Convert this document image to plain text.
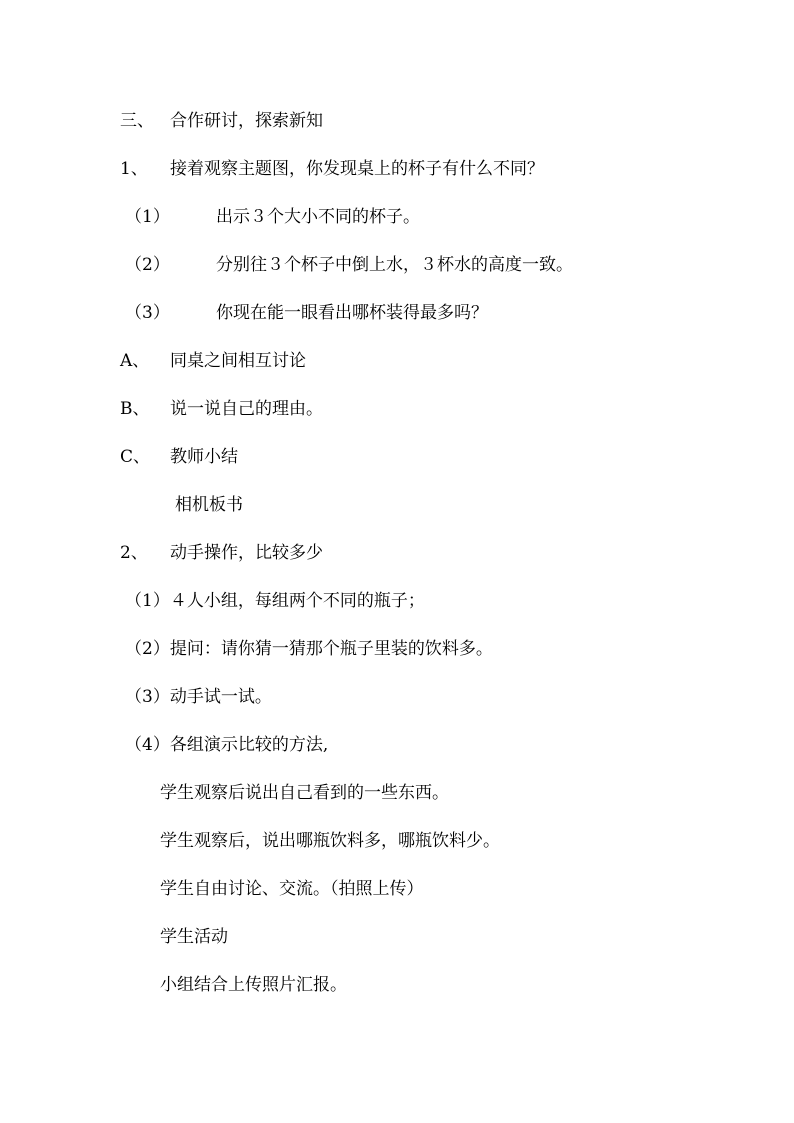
三、 合作研讨，探索新知
1、 接着观察主题图，你发现桌上的杯子有什么不同？
（1）	出示３个大小不同的杯子。
（2）	分别往３个杯子中倒上水，３杯水的高度一致。
（3）	你现在能一眼看出哪杯装得最多吗？
A、 同桌之间相互讨论
B、 说一说自己的理由。
C、 教师小结
相机板书
2、 动手操作，比较多少
（1）４人小组，每组两个不同的瓶子；
（2）提问：请你猜一猜那个瓶子里装的饮料多。
（3）动手试一试。
（4）各组演示比较的方法,
学生观察后说出自己看到的一些东西。
学生观察后，说出哪瓶饮料多，哪瓶饮料少。
学生自由讨论、交流。（拍照上传）
学生活动
小组结合上传照片汇报。
